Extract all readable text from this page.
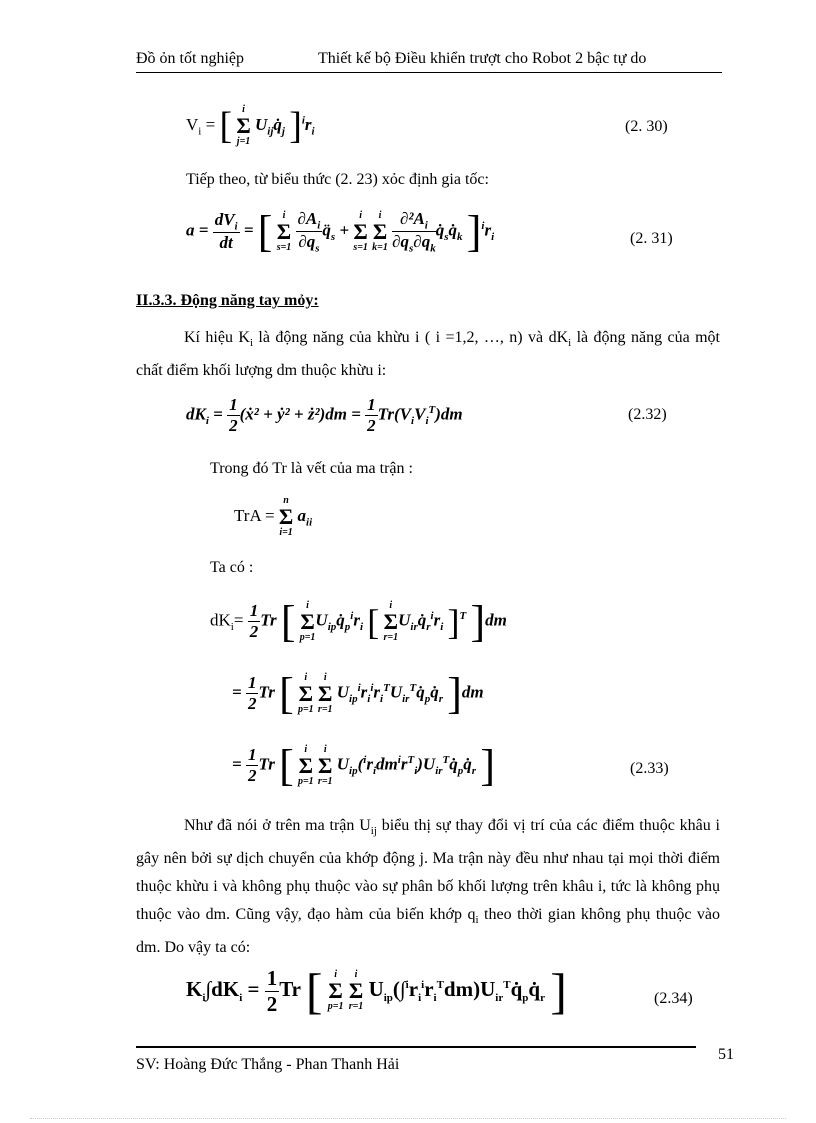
Đồ ỏn tốt nghiệp	Thiết kế bộ Điều khiển trượt cho Robot 2 bậc tự do
$V_i$ = [	i
Σ
j=1
$U_{ij}q̇_j$ ]$^ir_i$	(2. 30)
Tiếp theo, từ biểu thức (2. 23) xỏc định gia tốc:
$a = \frac{dV_i}{dt}$ = [	i
Σ
s=1
$\frac{\partial A_i}{\partial q_s}$ $q̈_s$ +
i
Σ
s=1

i
Σ
k=1
$\frac{\partial^2A_i}{\partial q_s\partial q_k}$ $q̇_sq̇_k$ ]$^ir_i$	(2. 31)
II.3.3. Động năng tay mỏy:
Kí hiệu $K_i$ là động năng của khừu i ( i =1,2, …, n) và $dK_i$ là động năng của một chất điểm khối lượng dm thuộc khừu i:
$dK_i = \frac{1}{2}$ (ẋ² + ẏ² + ż²)dm = $\frac{1}{2} Tr(V_iV_i^T)dm$	(2.32)
Trong đó Tr là vết của ma trận :
TrA =
n
Σ
i=1
$a_{ii}$
Ta có :
$dK_i= \frac{1}{2}$ Tr [	i
Σ
p=1
$U_{ip}q̇_p^ir_i$ [	i
Σ
r=1
$U_{ir}q̇_r^ir_i$ ]$^T$ ]dm
= $\frac{1}{2}$ Tr [	i
Σ
p=1

i
Σ
r=1
$U_{ip}^ir_i^ir_i^TU_{ir}^Tq̇_pq̇_r$ ]dm
= $\frac{1}{2}$ Tr [	i
Σ
p=1

i
Σ
r=1
$U_{ip}(^ir_idm^ir^T_i)U_{ir}^Tq̇_pq̇_r$ ]	(2.33)
Như đã nói ở trên ma trận $U_{ij}$ biểu thị sự thay đổi vị trí của các điểm thuộc khâu i gây nên bởi sự dịch chuyển của khớp động j. Ma trận này đều như nhau tại mọi thời điểm thuộc khừu i và không phụ thuộc vào sự phân bố khối lượng trên khâu i, tức là không phụ thuộc vào dm. Cũng vậy, đạo hàm của biến khớp $q_i$ theo thời gian không phụ thuộc vào dm. Do vậy ta có:
$K_i\int dK_i = \frac{1}{2}$ Tr [	i
Σ
p=1

i
Σ
r=1
$U_{ip}(\int^ir_i^ir_i^Tdm)U_{ir}^Tq̇_pq̇_r$ ]	(2.34)
SV: Hoàng Đức Thắng - Phan Thanh Hải
51
